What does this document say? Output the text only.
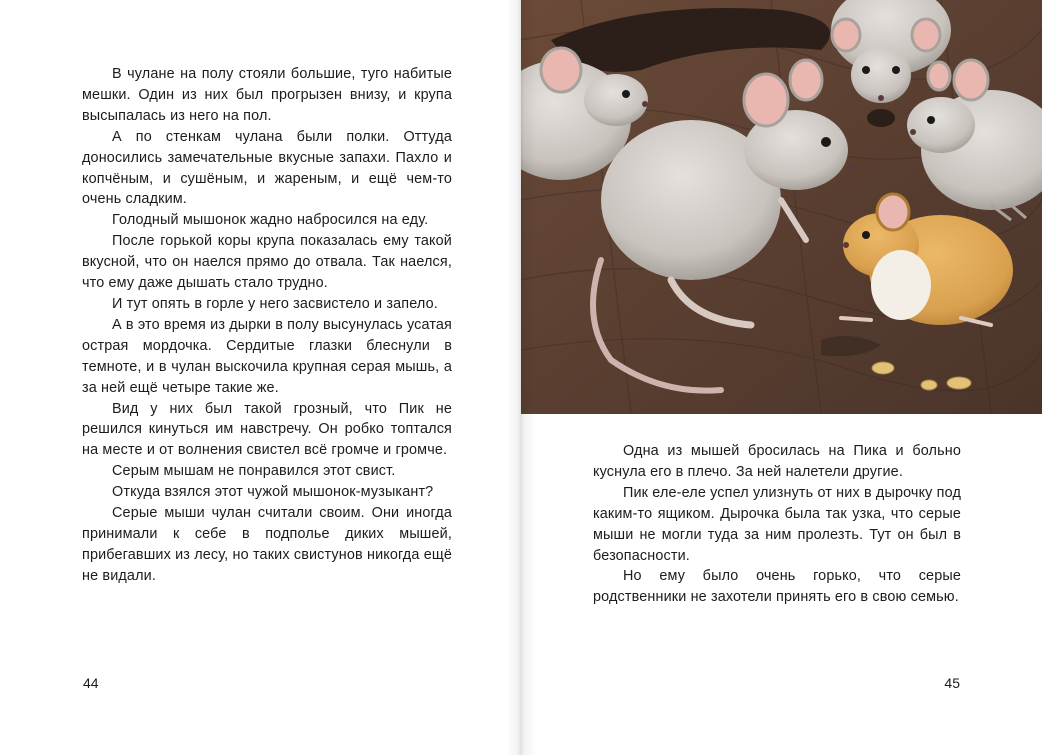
В чулане на полу стояли большие, туго набитые мешки. Один из них был прогрызен внизу, и крупа высыпалась из него на пол.

А по стенкам чулана были полки. Оттуда доносились замечательные вкусные запахи. Пахло и копчёным, и сушёным, и жареным, и ещё чем-то очень сладким.

Голодный мышонок жадно набросился на еду.

После горькой коры крупа показалась ему такой вкусной, что он наелся прямо до отвала. Так наелся, что ему даже дышать стало трудно.

И тут опять в горле у него засвистело и запело.

А в это время из дырки в полу высунулась усатая острая мордочка. Сердитые глазки блеснули в темноте, и в чулан выскочила крупная серая мышь, а за ней ещё четыре такие же.

Вид у них был такой грозный, что Пик не решился кинуться им навстречу. Он робко топтался на месте и от волнения свистел всё громче и громче.

Серым мышам не понравился этот свист.

Откуда взялся этот чужой мышонок-музыкант?

Серые мыши чулан считали своим. Они иногда принимали к себе в подполье диких мышей, прибегавших из лесу, но таких свистунов никогда ещё не видали.

44

Одна из мышей бросилась на Пика и больно куснула его в плечо. За ней налетели другие.

Пик еле-еле успел улизнуть от них в дырочку под каким-то ящиком. Дырочка была так узка, что серые мыши не могли туда за ним пролезть. Тут он был в безопасности.

Но ему было очень горько, что серые родственники не захотели принять его в свою семью.

45
